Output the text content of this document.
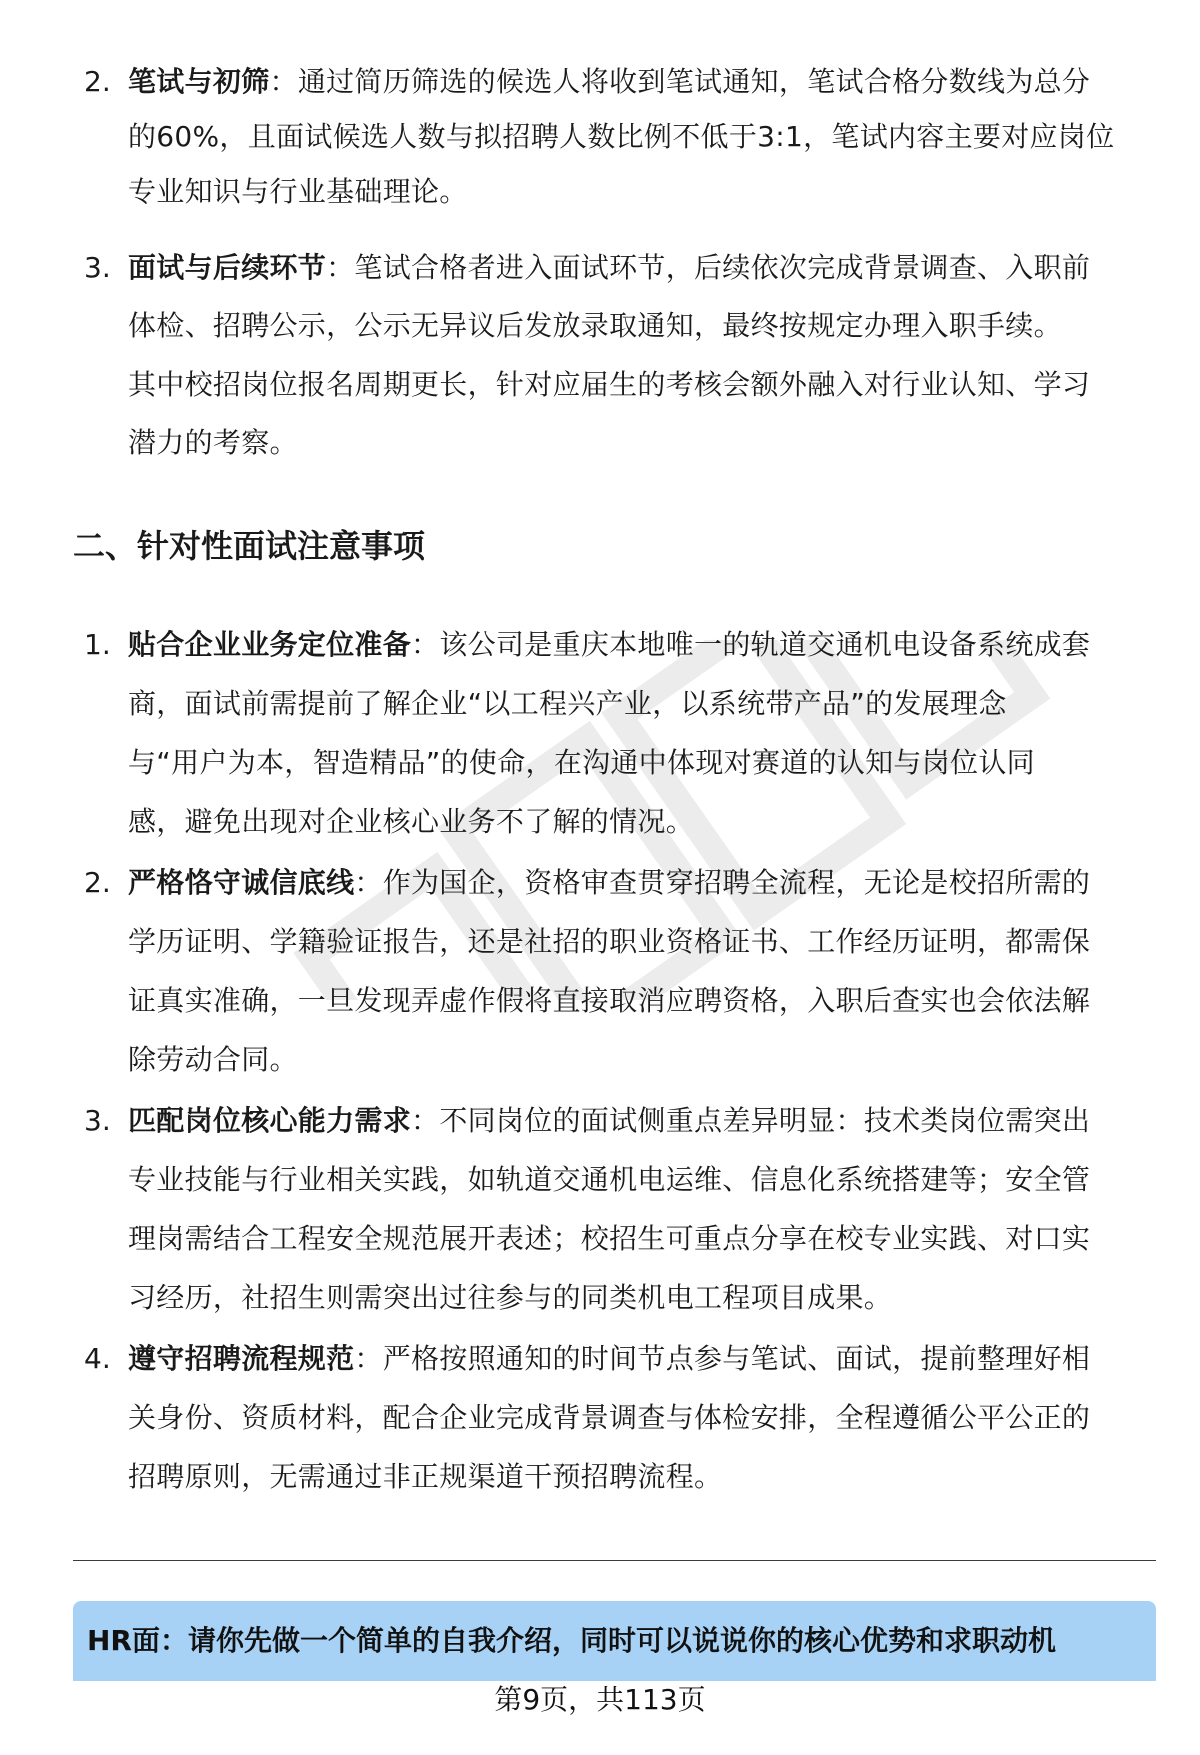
2. 笔试与初筛：通过简历筛选的候选人将收到笔试通知，笔试合格分数线为总分
的60%，且面试候选人数与拟招聘人数比例不低于3:1，笔试内容主要对应岗位
专业知识与行业基础理论。
3. 面试与后续环节：笔试合格者进入面试环节，后续依次完成背景调查、入职前
体检、招聘公示，公示无异议后发放录取通知，最终按规定办理入职手续。
其中校招岗位报名周期更长，针对应届生的考核会额外融入对行业认知、学习
潜力的考察。
二、针对性面试注意事项
1. 贴合企业业务定位准备：该公司是重庆本地唯一的轨道交通机电设备系统成套
商，面试前需提前了解企业“以工程兴产业，以系统带产品”的发展理念
与“用户为本，智造精品”的使命，在沟通中体现对赛道的认知与岗位认同
感，避免出现对企业核心业务不了解的情况。
2. 严格恪守诚信底线：作为国企，资格审查贯穿招聘全流程，无论是校招所需的
学历证明、学籍验证报告，还是社招的职业资格证书、工作经历证明，都需保
证真实准确，一旦发现弄虚作假将直接取消应聘资格，入职后查实也会依法解
除劳动合同。
3. 匹配岗位核心能力需求：不同岗位的面试侧重点差异明显：技术类岗位需突出
专业技能与行业相关实践，如轨道交通机电运维、信息化系统搭建等；安全管
理岗需结合工程安全规范展开表述；校招生可重点分享在校专业实践、对口实
习经历，社招生则需突出过往参与的同类机电工程项目成果。
4. 遵守招聘流程规范：严格按照通知的时间节点参与笔试、面试，提前整理好相
关身份、资质材料，配合企业完成背景调查与体检安排，全程遵循公平公正的
招聘原则，无需通过非正规渠道干预招聘流程。
HR面：请你先做一个简单的自我介绍，同时可以说说你的核心优势和求职动机
第9页，共113页
